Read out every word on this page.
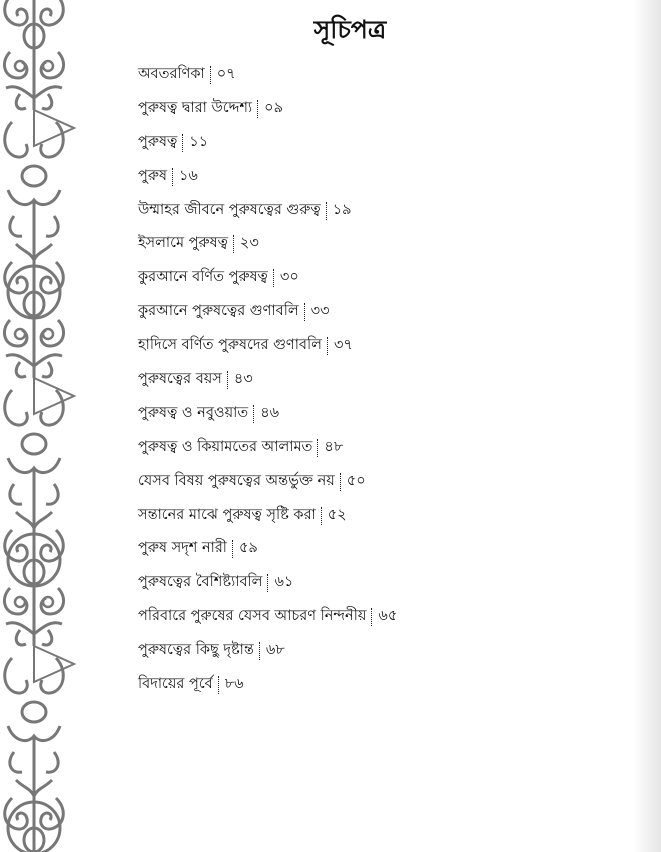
সূচিপত্র
অবতরণিকা ০৭
পুরুষত্ব দ্বারা উদ্দেশ্য ০৯
পুরুষত্ব ১১
পুরুষ ১৬
উম্মাহর জীবনে পুরুষত্বের গুরুত্ব ১৯
ইসলামে পুরুষত্ব ২৩
কুরআনে বর্ণিত পুরুষত্ব ৩০
কুরআনে পুরুষত্বের গুণাবলি ৩৩
হাদিসে বর্ণিত পুরুষদের গুণাবলি ৩৭
পুরুষত্বের বয়স ৪৩
পুরুষত্ব ও নবুওয়াত ৪৬
পুরুষত্ব ও কিয়ামতের আলামত ৪৮
যেসব বিষয় পুরুষত্বের অন্তর্ভুক্ত নয় ৫০
সন্তানের মাঝে পুরুষত্ব সৃষ্টি করা ৫২
পুরুষ সদৃশ নারী ৫৯
পুরুষত্বের বৈশিষ্ট্যাবলি ৬১
পরিবারে পুরুষের যেসব আচরণ নিন্দনীয় ৬৫
পুরুষত্বের কিছু দৃষ্টান্ত ৬৮
বিদায়ের পূর্বে ৮৬
